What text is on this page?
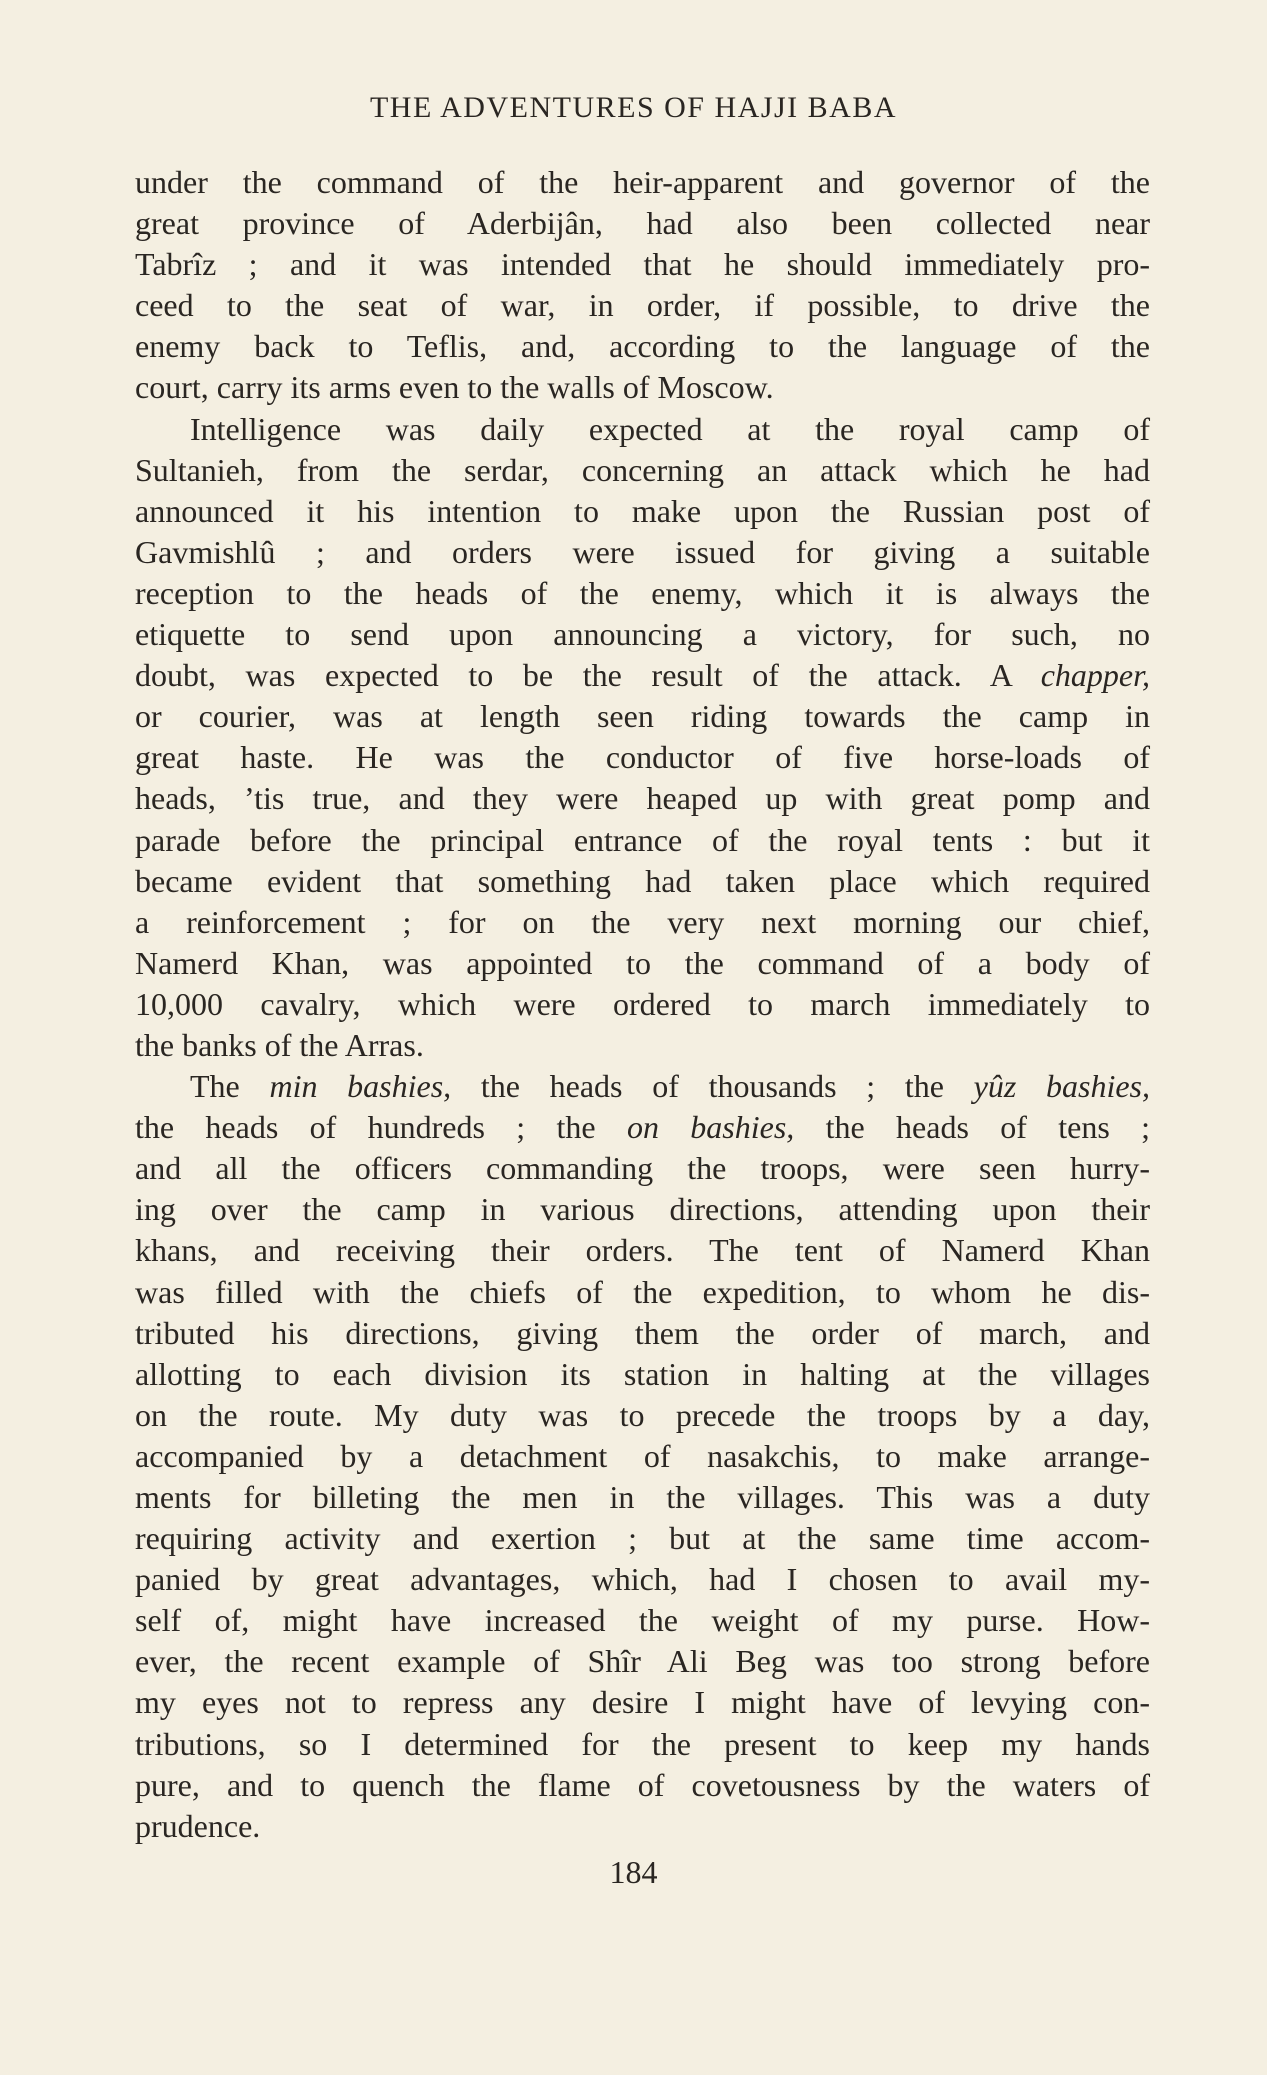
THE ADVENTURES OF HAJJI BABA
under the command of the heir-apparent and governor of the
great province of Aderbijân, had also been collected near
Tabrîz ; and it was intended that he should immediately pro-
ceed to the seat of war, in order, if possible, to drive the
enemy back to Teflis, and, according to the language of the
court, carry its arms even to the walls of Moscow.
Intelligence was daily expected at the royal camp of
Sultanieh, from the serdar, concerning an attack which he had
announced it his intention to make upon the Russian post of
Gavmishlû ; and orders were issued for giving a suitable
reception to the heads of the enemy, which it is always the
etiquette to send upon announcing a victory, for such, no
doubt, was expected to be the result of the attack. A chapper,
or courier, was at length seen riding towards the camp in
great haste. He was the conductor of five horse-loads of
heads, ’tis true, and they were heaped up with great pomp and
parade before the principal entrance of the royal tents : but it
became evident that something had taken place which required
a reinforcement ; for on the very next morning our chief,
Namerd Khan, was appointed to the command of a body of
10,000 cavalry, which were ordered to march immediately to
the banks of the Arras.
The min bashies, the heads of thousands ; the yûz bashies,
the heads of hundreds ; the on bashies, the heads of tens ;
and all the officers commanding the troops, were seen hurry-
ing over the camp in various directions, attending upon their
khans, and receiving their orders. The tent of Namerd Khan
was filled with the chiefs of the expedition, to whom he dis-
tributed his directions, giving them the order of march, and
allotting to each division its station in halting at the villages
on the route. My duty was to precede the troops by a day,
accompanied by a detachment of nasakchis, to make arrange-
ments for billeting the men in the villages. This was a duty
requiring activity and exertion ; but at the same time accom-
panied by great advantages, which, had I chosen to avail my-
self of, might have increased the weight of my purse. How-
ever, the recent example of Shîr Ali Beg was too strong before
my eyes not to repress any desire I might have of levying con-
tributions, so I determined for the present to keep my hands
pure, and to quench the flame of covetousness by the waters of
prudence.
184
